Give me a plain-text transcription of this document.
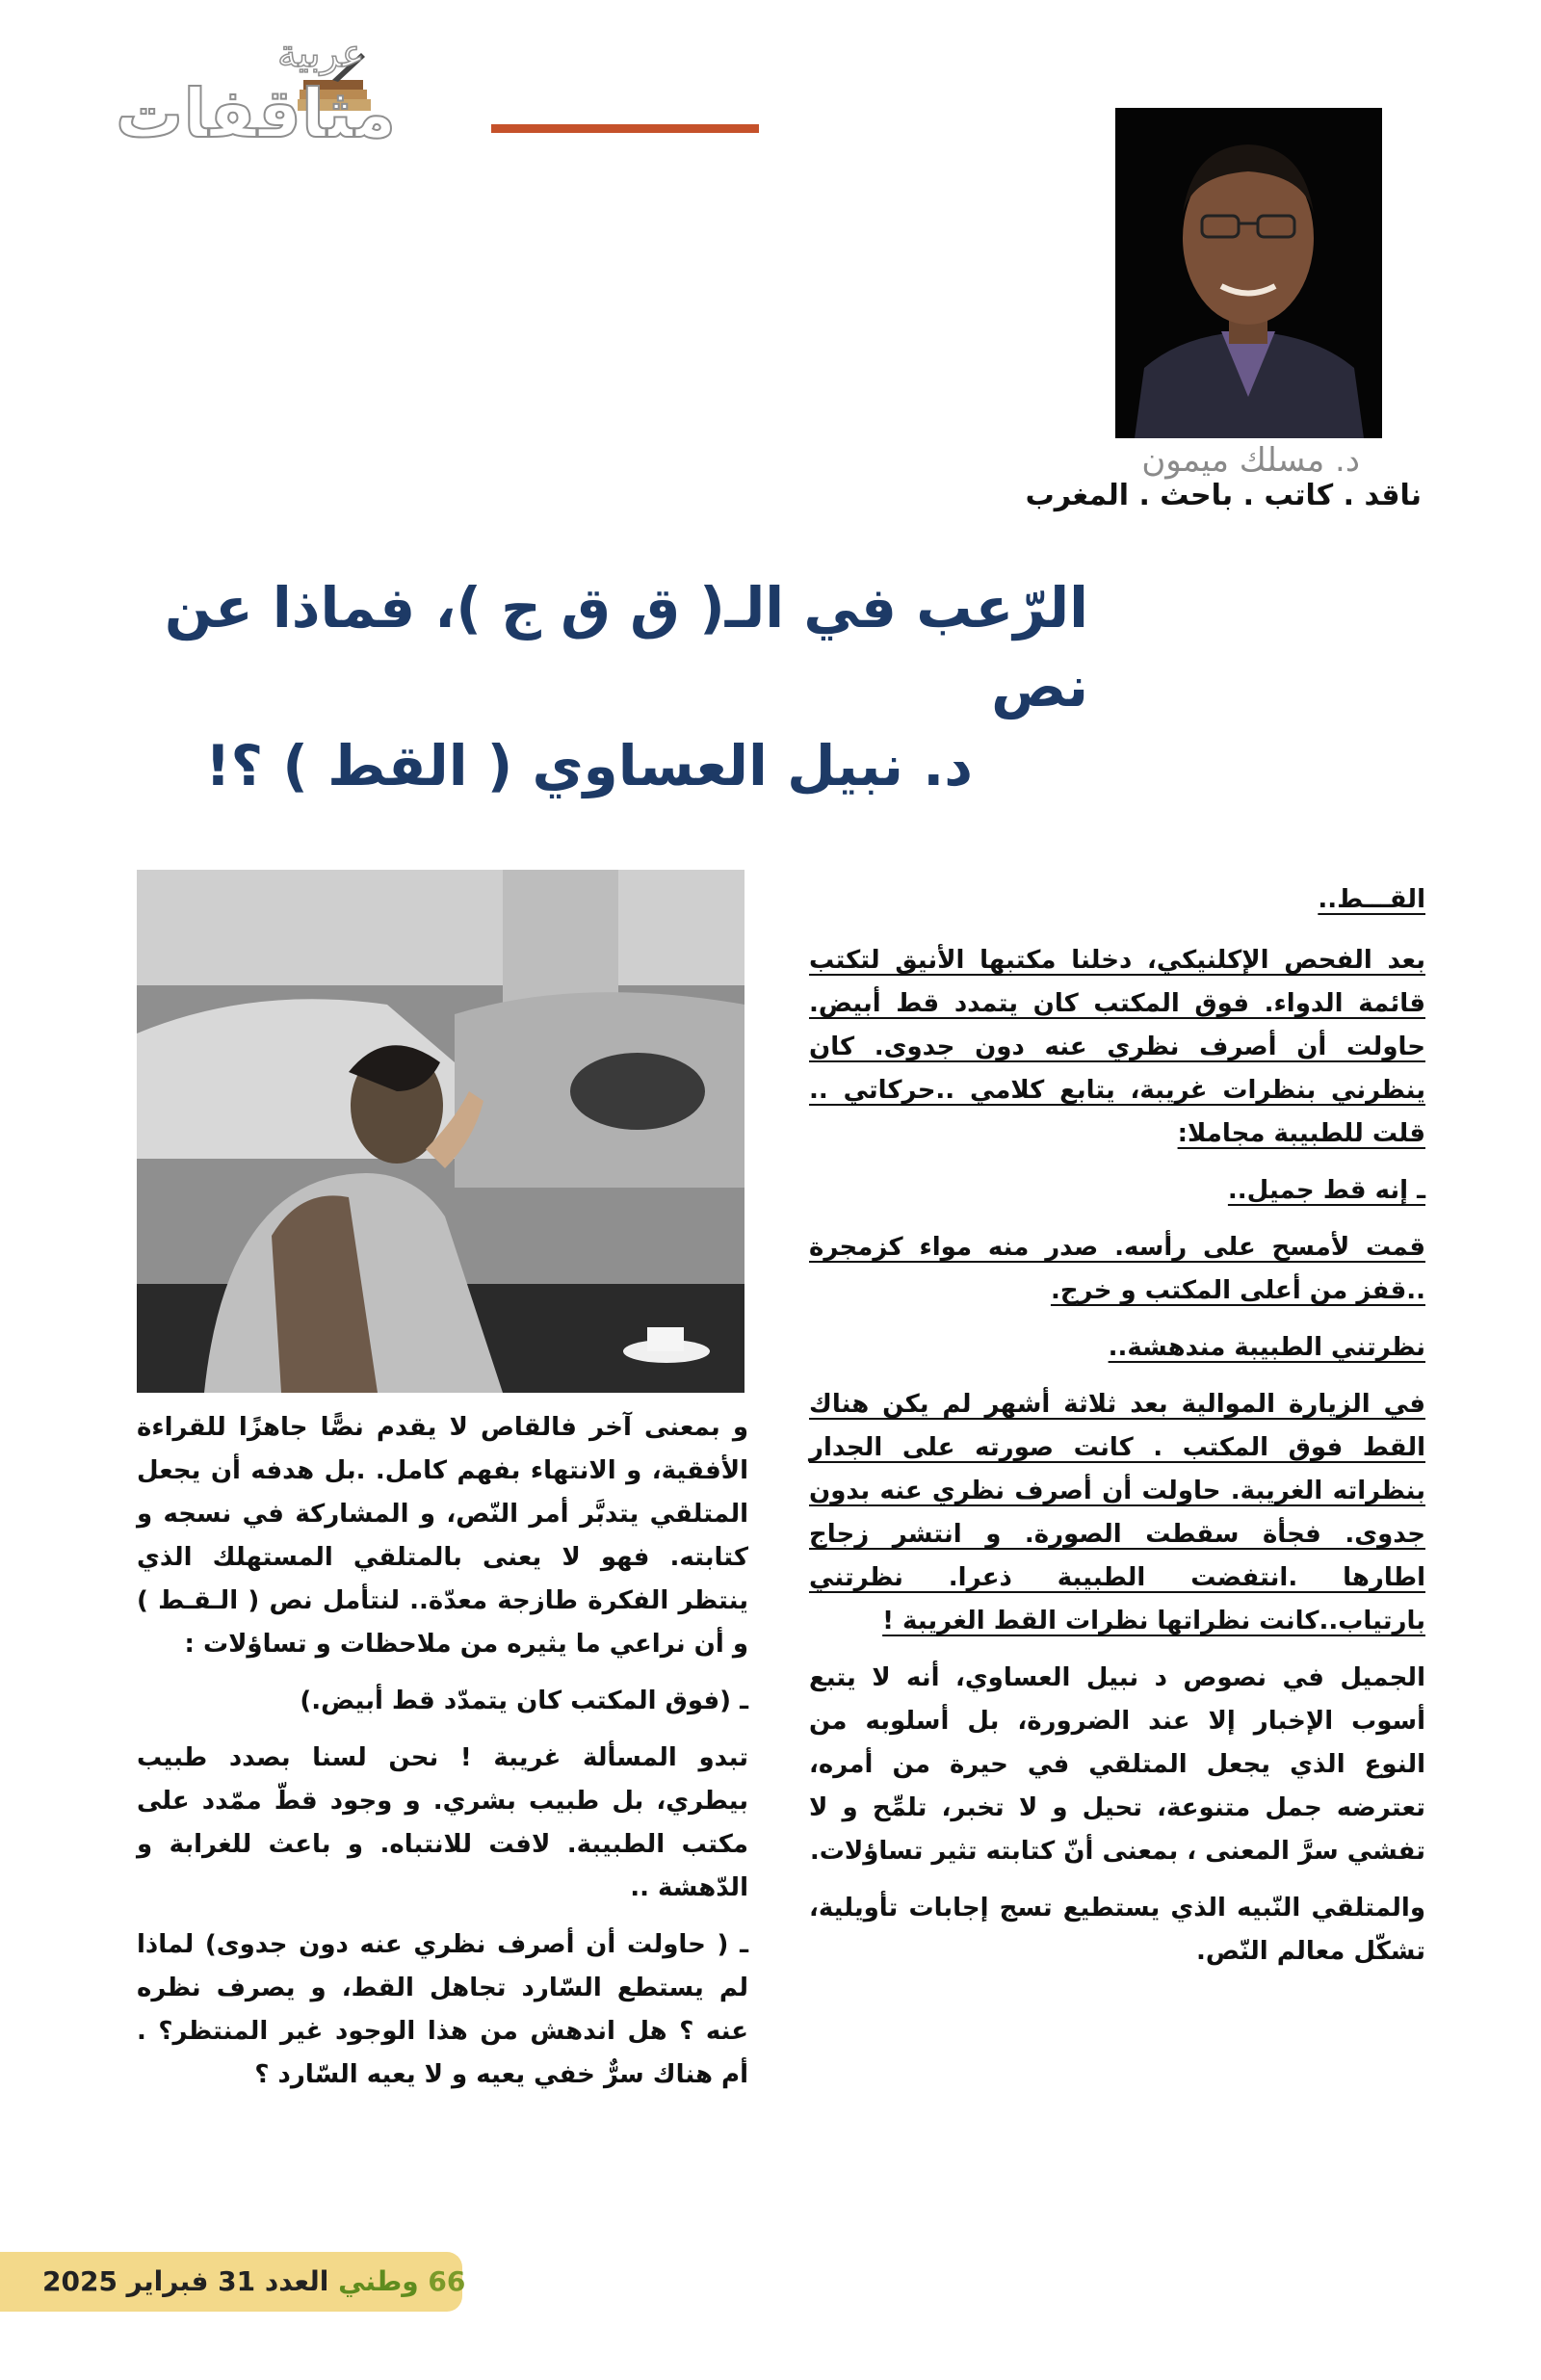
عربية
مثاقفات
د. مسلك ميمون
ناقد . كاتب . باحث . المغرب
الرّعب في الـ( ق ق ج )، فماذا عن نص
د. نبيل العساوي ( القط ) ؟!

القـــط..

بعد الفحص الإكلنيكي، دخلنا مكتبها الأنيق لتكتب قائمة الدواء. فوق المكتب كان يتمدد قط أبيض. حاولت أن أصرف نظري عنه دون جدوى. كان ينظرني بنظرات غريبة، يتابع كلامي ..حركاتي .. قلت للطبيبة مجاملا:

ـ إنه قط جميل..

قمت لأمسح على رأسه. صدر منه مواء كزمجرة ..قفز من أعلى المكتب و خرج.

نظرتني الطبيبة مندهشة..

في الزيارة الموالية بعد ثلاثة أشهر لم يكن هناك القط فوق المكتب . كانت صورته على الجدار بنظراته الغريبة. حاولت أن أصرف نظري عنه بدون جدوى. فجأة سقطت الصورة. و انتشر زجاج اطارها .انتفضت الطبيبة ذعرا. نظرتني بارتياب..كانت نظراتها نظرات القط الغريبة !

الجميل في نصوص د نبيل العساوي، أنه لا يتبع أسوب الإخبار إلا عند الضرورة، بل أسلوبه من النوع الذي يجعل المتلقي في حيرة من أمره، تعترضه جمل متنوعة، تحيل و لا تخبر، تلمِّح و لا تفشي سرَّ المعنى ، بمعنى أنّ كتابته تثير تساؤلات.

والمتلقي النّبيه الذي يستطيع تسج إجابات تأويلية، تشكّل معالم النّص.

و بمعنى آخر فالقاص لا يقدم نصًّا جاهزًا للقراءة الأفقية، و الانتهاء بفهم كامل. .بل هدفه أن يجعل المتلقي يتدبَّر أمر النّص، و المشاركة في نسجه و كتابته. فهو لا يعنى بالمتلقي المستهلك الذي ينتظر الفكرة طازجة معدّة.. لنتأمل نص ( الـقـط ) و أن نراعي ما يثيره من ملاحظات و تساؤلات :

ـ (فوق المكتب كان يتمدّد قط أبيض.)

تبدو المسألة غريبة ! نحن لسنا بصدد طبيب بيطري، بل طبيب بشري. و وجود قطّ ممّدد على مكتب الطبيبة. لافت للانتباه. و باعث للغرابة و الدّهشة ..

ـ ( حاولت أن أصرف نظري عنه دون جدوى) لماذا لم يستطع السّارد تجاهل القط، و يصرف نظره عنه ؟ هل اندهش من هذا الوجود غير المنتظر؟ . أم هناك سرٌّ خفي يعيه و لا يعيه السّارد ؟

66 وطني العدد 31 فبراير 2025
